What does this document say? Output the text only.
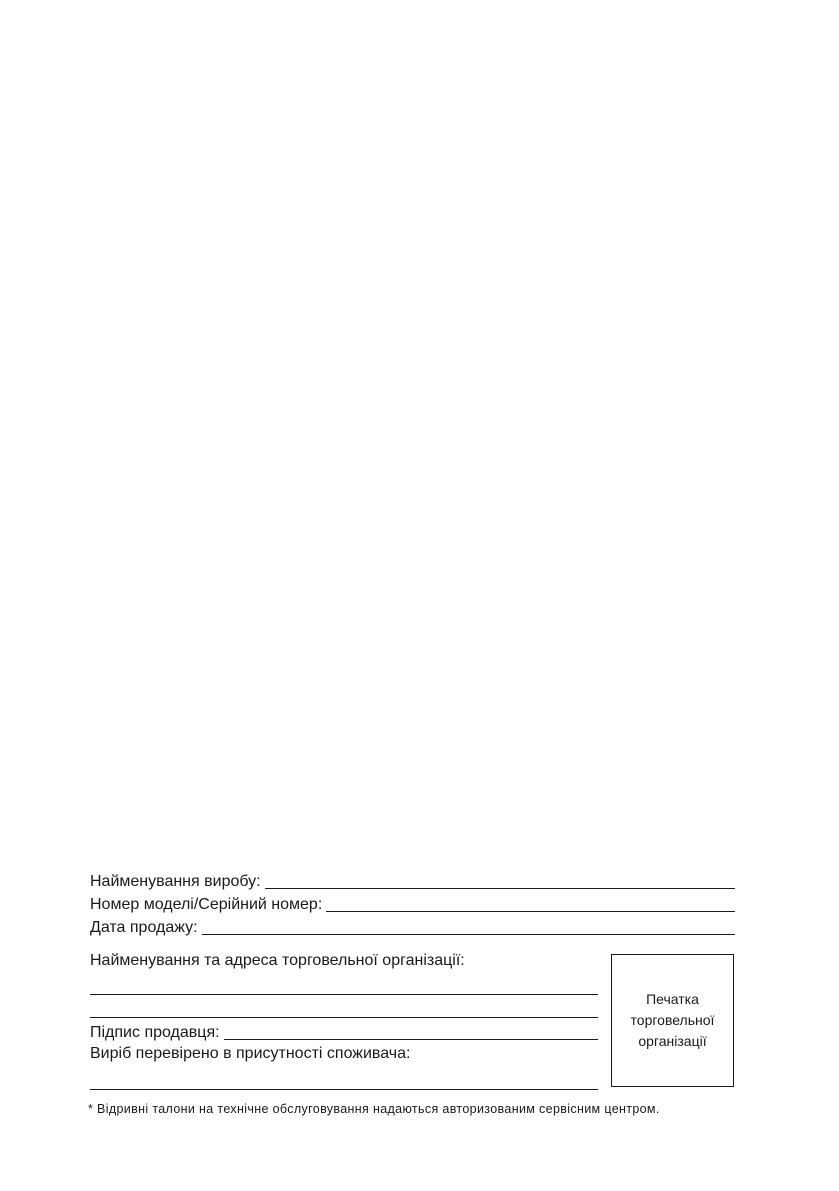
Найменування виробу:
Номер моделі/Серійний номер:
Дата продажу:
Найменування та адреса торговельної організації:
Підпис продавця:
Виріб перевірено в присутності споживача:
Печатка
торговельної
організації
* Відривні талони на технічне обслуговування надаються авторизованим сервісним центром.
